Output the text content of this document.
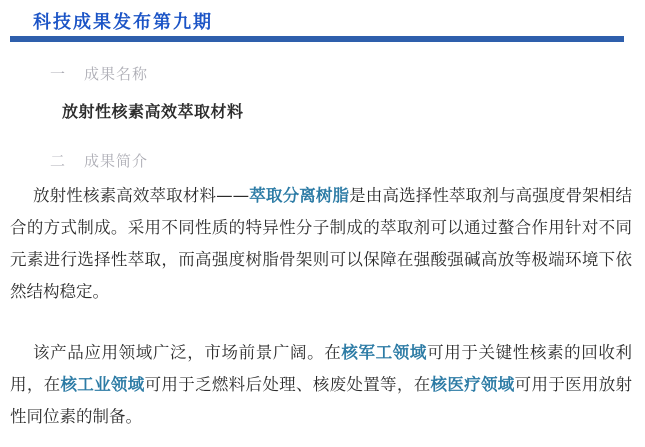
科技成果发布第九期
一 成果名称
放射性核素高效萃取材料
二 成果简介

放射性核素高效萃取材料——萃取分离树脂是由高选择性萃取剂与高强度骨架相结合的方式制成。采用不同性质的特异性分子制成的萃取剂可以通过螯合作用针对不同元素进行选择性萃取，而高强度树脂骨架则可以保障在强酸强碱高放等极端环境下依然结构稳定。

该产品应用领域广泛，市场前景广阔。在核军工领域可用于关键性核素的回收利用，在核工业领域可用于乏燃料后处理、核废处置等，在核医疗领域可用于医用放射性同位素的制备。
